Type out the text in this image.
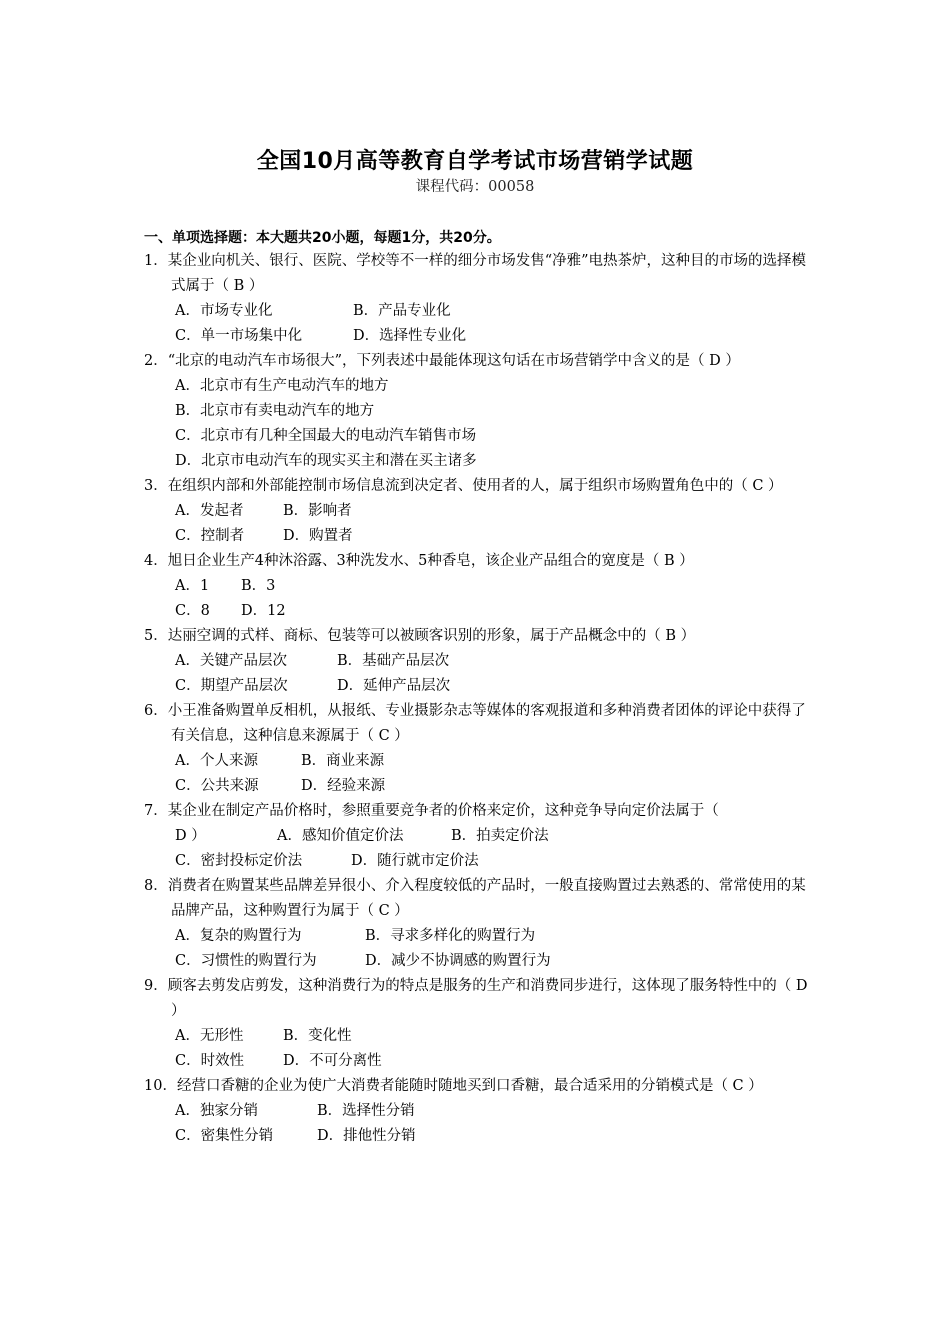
全国10月高等教育自学考试市场营销学试题
课程代码：00058
一、单项选择题：本大题共20小题，每题1分，共20分。
1．某企业向机关、银行、医院、学校等不一样的细分市场发售“净雅”电热茶炉，这种目的市场的选择模式属于（ B ）
A．市场专业化	B．产品专业化
C．单一市场集中化	D．选择性专业化
2．“北京的电动汽车市场很大”，下列表述中最能体现这句话在市场营销学中含义的是（ D ）
A．北京市有生产电动汽车的地方
B．北京市有卖电动汽车的地方
C．北京市有几种全国最大的电动汽车销售市场
D．北京市电动汽车的现实买主和潜在买主诸多
3．在组织内部和外部能控制市场信息流到决定者、使用者的人，属于组织市场购置角色中的（ C ）
A．发起者	B．影响者
C．控制者	D．购置者
4．旭日企业生产4种沐浴露、3种洗发水、5种香皂，该企业产品组合的宽度是（ B ）
A．1 B．3
C．8 D．12
5．达丽空调的式样、商标、包装等可以被顾客识别的形象，属于产品概念中的（ B ）
A．关键产品层次	B．基础产品层次
C．期望产品层次	D．延伸产品层次
6．小王准备购置单反相机，从报纸、专业摄影杂志等媒体的客观报道和多种消费者团体的评论中获得了有关信息，这种信息来源属于（ C ）
A．个人来源	B．商业来源
C．公共来源	D．经验来源
7．某企业在制定产品价格时，参照重要竞争者的价格来定价，这种竞争导向定价法属于（
D ）	A．感知价值定价法	B．拍卖定价法
C．密封投标定价法	D．随行就市定价法
8．消费者在购置某些品牌差异很小、介入程度较低的产品时，一般直接购置过去熟悉的、常常使用的某品牌产品，这种购置行为属于（ C ）
A．复杂的购置行为	B．寻求多样化的购置行为
C．习惯性的购置行为	D．减少不协调感的购置行为
9．顾客去剪发店剪发，这种消费行为的特点是服务的生产和消费同步进行，这体现了服务特性中的（ D ）
A．无形性	B．变化性
C．时效性	D．不可分离性
10．经营口香糖的企业为使广大消费者能随时随地买到口香糖，最合适采用的分销模式是（ C ）
A．独家分销	B．选择性分销
C．密集性分销	D．排他性分销
